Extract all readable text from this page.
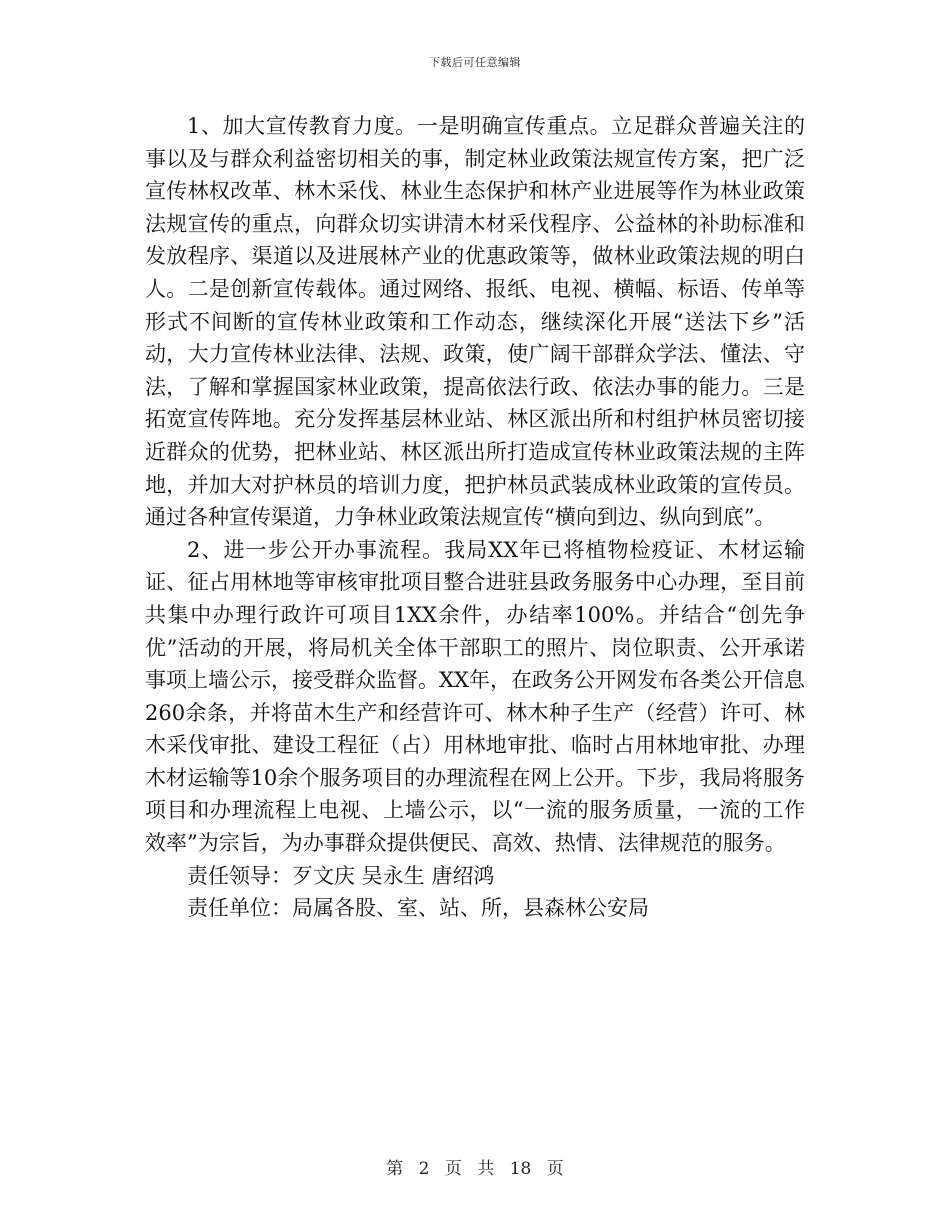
下载后可任意编辑

1、加大宣传教育力度。一是明确宣传重点。立足群众普遍关注的事以及与群众利益密切相关的事，制定林业政策法规宣传方案，把广泛宣传林权改革、林木采伐、林业生态保护和林产业进展等作为林业政策法规宣传的重点，向群众切实讲清木材采伐程序、公益林的补助标准和发放程序、渠道以及进展林产业的优惠政策等，做林业政策法规的明白人。二是创新宣传载体。通过网络、报纸、电视、横幅、标语、传单等形式不间断的宣传林业政策和工作动态，继续深化开展“送法下乡”活动，大力宣传林业法律、法规、政策，使广阔干部群众学法、懂法、守法，了解和掌握国家林业政策，提高依法行政、依法办事的能力。三是拓宽宣传阵地。充分发挥基层林业站、林区派出所和村组护林员密切接近群众的优势，把林业站、林区派出所打造成宣传林业政策法规的主阵地，并加大对护林员的培训力度，把护林员武装成林业政策的宣传员。通过各种宣传渠道，力争林业政策法规宣传“横向到边、纵向到底”。

2、进一步公开办事流程。我局XX年已将植物检疫证、木材运输证、征占用林地等审核审批项目整合进驻县政务服务中心办理，至目前共集中办理行政许可项目1XX余件，办结率100%。并结合“创先争优”活动的开展，将局机关全体干部职工的照片、岗位职责、公开承诺事项上墙公示，接受群众监督。XX年，在政务公开网发布各类公开信息260余条，并将苗木生产和经营许可、林木种子生产（经营）许可、林木采伐审批、建设工程征（占）用林地审批、临时占用林地审批、办理木材运输等10余个服务项目的办理流程在网上公开。下步，我局将服务项目和办理流程上电视、上墙公示，以“一流的服务质量，一流的工作效率”为宗旨，为办事群众提供便民、高效、热情、法律规范的服务。

责任领导：歹文庆 吴永生 唐绍鸿

责任单位：局属各股、室、站、所，县森林公安局

第 2 页 共 18 页
